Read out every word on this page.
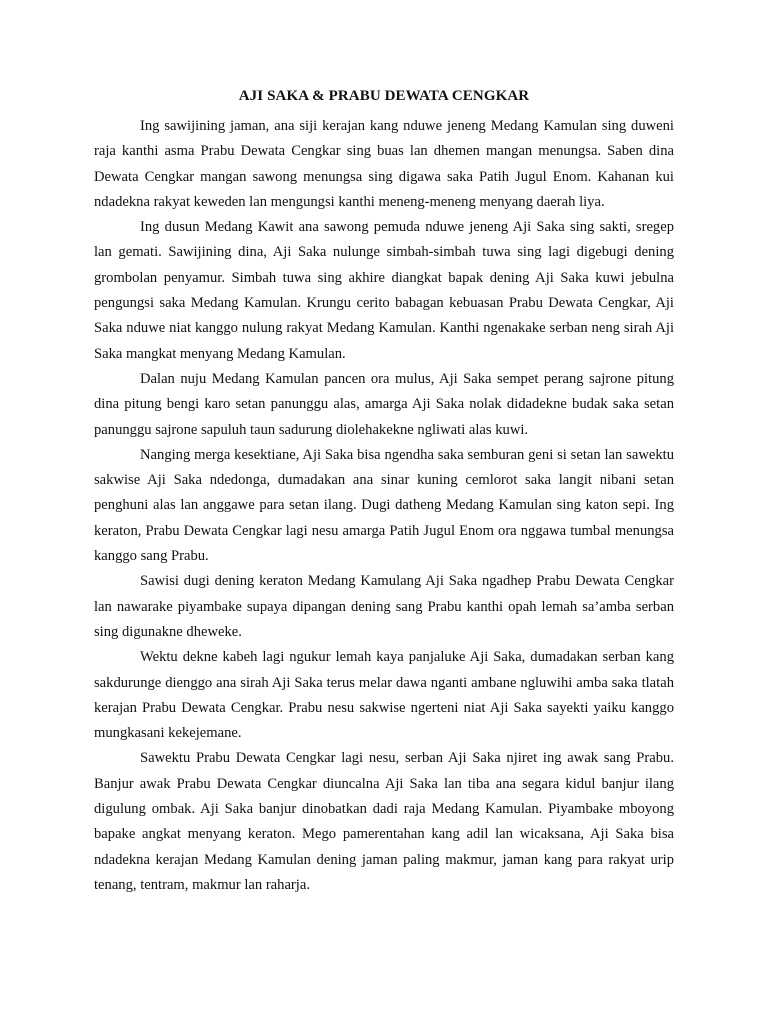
AJI SAKA & PRABU DEWATA CENGKAR

Ing sawijining jaman, ana siji kerajan kang nduwe jeneng Medang Kamulan sing duweni raja kanthi asma Prabu Dewata Cengkar sing buas lan dhemen mangan menungsa. Saben dina Dewata Cengkar mangan sawong menungsa sing digawa saka Patih Jugul Enom. Kahanan kui ndadekna rakyat keweden lan mengungsi kanthi meneng-meneng menyang daerah liya.

Ing dusun Medang Kawit ana sawong pemuda nduwe jeneng Aji Saka sing sakti, sregep lan gemati. Sawijining dina, Aji Saka nulunge simbah-simbah tuwa sing lagi digebugi dening grombolan penyamur. Simbah tuwa sing akhire diangkat bapak dening Aji Saka kuwi jebulna pengungsi saka Medang Kamulan. Krungu cerito babagan kebuasan Prabu Dewata Cengkar, Aji Saka nduwe niat kanggo nulung rakyat Medang Kamulan. Kanthi ngenakake serban neng sirah Aji Saka mangkat menyang Medang Kamulan.

Dalan nuju Medang Kamulan pancen ora mulus, Aji Saka sempet perang sajrone pitung dina pitung bengi karo setan panunggu alas, amarga Aji Saka nolak didadekne budak saka setan panunggu sajrone sapuluh taun sadurung diolehakekne ngliwati alas kuwi.

Nanging merga kesektiane, Aji Saka bisa ngendha saka semburan geni si setan lan sawektu sakwise Aji Saka ndedonga, dumadakan ana sinar kuning cemlorot saka langit nibani setan penghuni alas lan anggawe para setan ilang. Dugi datheng Medang Kamulan sing katon sepi. Ing keraton, Prabu Dewata Cengkar lagi nesu amarga Patih Jugul Enom ora nggawa tumbal menungsa kanggo sang Prabu.

Sawisi dugi dening keraton Medang Kamulang Aji Saka ngadhep Prabu Dewata Cengkar lan nawarake piyambake supaya dipangan dening sang Prabu kanthi opah lemah sa’amba serban sing digunakne dheweke.

Wektu dekne kabeh lagi ngukur lemah kaya panjaluke Aji Saka, dumadakan serban kang sakdurunge dienggo ana sirah Aji Saka terus melar dawa nganti ambane ngluwihi amba saka tlatah kerajan Prabu Dewata Cengkar. Prabu nesu sakwise ngerteni niat Aji Saka sayekti yaiku kanggo mungkasani kekejemane.

Sawektu Prabu Dewata Cengkar lagi nesu, serban Aji Saka njiret ing awak sang Prabu. Banjur awak Prabu Dewata Cengkar diuncalna Aji Saka lan tiba ana segara kidul banjur ilang digulung ombak. Aji Saka banjur dinobatkan dadi raja Medang Kamulan. Piyambake mboyong bapake angkat menyang keraton. Mego pamerentahan kang adil lan wicaksana, Aji Saka bisa ndadekna kerajan Medang Kamulan dening jaman paling makmur, jaman kang para rakyat urip tenang, tentram, makmur lan raharja.
